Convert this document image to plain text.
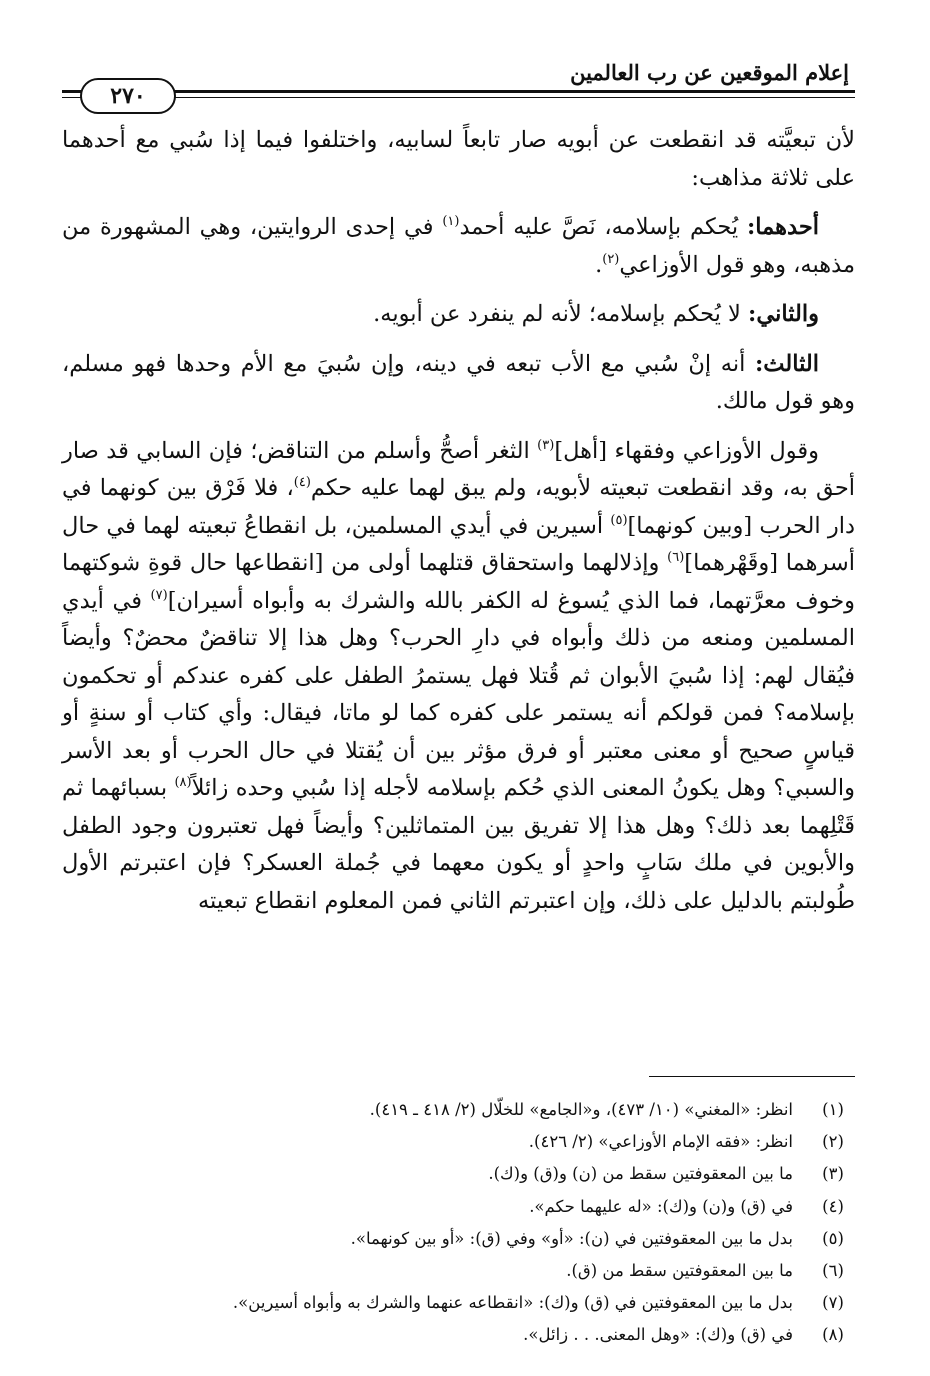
إعلام الموقعين عن رب العالمين
٢٧٠

لأن تبعيَّته قد انقطعت عن أبويه صار تابعاً لسابيه، واختلفوا فيما إذا سُبي مع أحدهما على ثلاثة مذاهب:

أحدهما: يُحكم بإسلامه، نَصَّ عليه أحمد$^{(١)}$ في إحدى الروايتين، وهي المشهورة من مذهبه، وهو قول الأوزاعي$^{(٢)}$.

والثاني: لا يُحكم بإسلامه؛ لأنه لم ينفرد عن أبويه.

الثالث: أنه إنْ سُبي مع الأب تبعه في دينه، وإن سُبيَ مع الأم وحدها فهو مسلم، وهو قول مالك.

وقول الأوزاعي وفقهاء [أهل]$^{(٣)}$ الثغر أصحُّ وأسلم من التناقض؛ فإن السابي قد صار أحق به، وقد انقطعت تبعيته لأبويه، ولم يبق لهما عليه حكم$^{(٤)}$، فلا فَرْق بين كونهما في دار الحرب [وبين كونهما]$^{(٥)}$ أسيرين في أيدي المسلمين، بل انقطاعُ تبعيته لهما في حال أسرهما [وقَهْرهما]$^{(٦)}$ وإذلالهما واستحقاق قتلهما أولى من [انقطاعها حال قوةِ شوكتهما وخوف معرَّتهما، فما الذي يُسوغ له الكفر بالله والشرك به وأبواه أسيران]$^{(٧)}$ في أيدي المسلمين ومنعه من ذلك وأبواه في دارِ الحرب؟ وهل هذا إلا تناقضٌ محضٌ؟ وأيضاً فيُقال لهم: إذا سُبيَ الأبوان ثم قُتلا فهل يستمرُ الطفل على كفره عندكم أو تحكمون بإسلامه؟ فمن قولكم أنه يستمر على كفره كما لو ماتا، فيقال: وأي كتاب أو سنةٍ أو قياسٍ صحيح أو معنى معتبر أو فرق مؤثر بين أن يُقتلا في حال الحرب أو بعد الأسر والسبي؟ وهل يكونُ المعنى الذي حُكم بإسلامه لأجله إذا سُبي وحده زائلاً$^{(٨)}$ بسبائهما ثم قَتْلِهما بعد ذلك؟ وهل هذا إلا تفريق بين المتماثلين؟ وأيضاً فهل تعتبرون وجود الطفل والأبوين في ملك سَابٍ واحدٍ أو يكون معهما في جُملة العسكر؟ فإن اعتبرتم الأول طُولبتم بالدليل على ذلك، وإن اعتبرتم الثاني فمن المعلوم انقطاع تبعيته

(١)
انظر: «المغني» (١٠/ ٤٧٣)، و«الجامع» للخلّال (٢/ ٤١٨ ـ ٤١٩).
(٢)
انظر: «فقه الإمام الأوزاعي» (٢/ ٤٢٦).
(٣)
ما بين المعقوفتين سقط من (ن) و(ق) و(ك).
(٤)
في (ق) و(ن) و(ك): «له عليهما حكم».
(٥)
بدل ما بين المعقوفتين في (ن): «أو» وفي (ق): «أو بين كونهما».
(٦)
ما بين المعقوفتين سقط من (ق).
(٧)
بدل ما بين المعقوفتين في (ق) و(ك): «انقطاعه عنهما والشرك به وأبواه أسيرين».
(٨)
في (ق) و(ك): «وهل المعنى. . . زائل».
